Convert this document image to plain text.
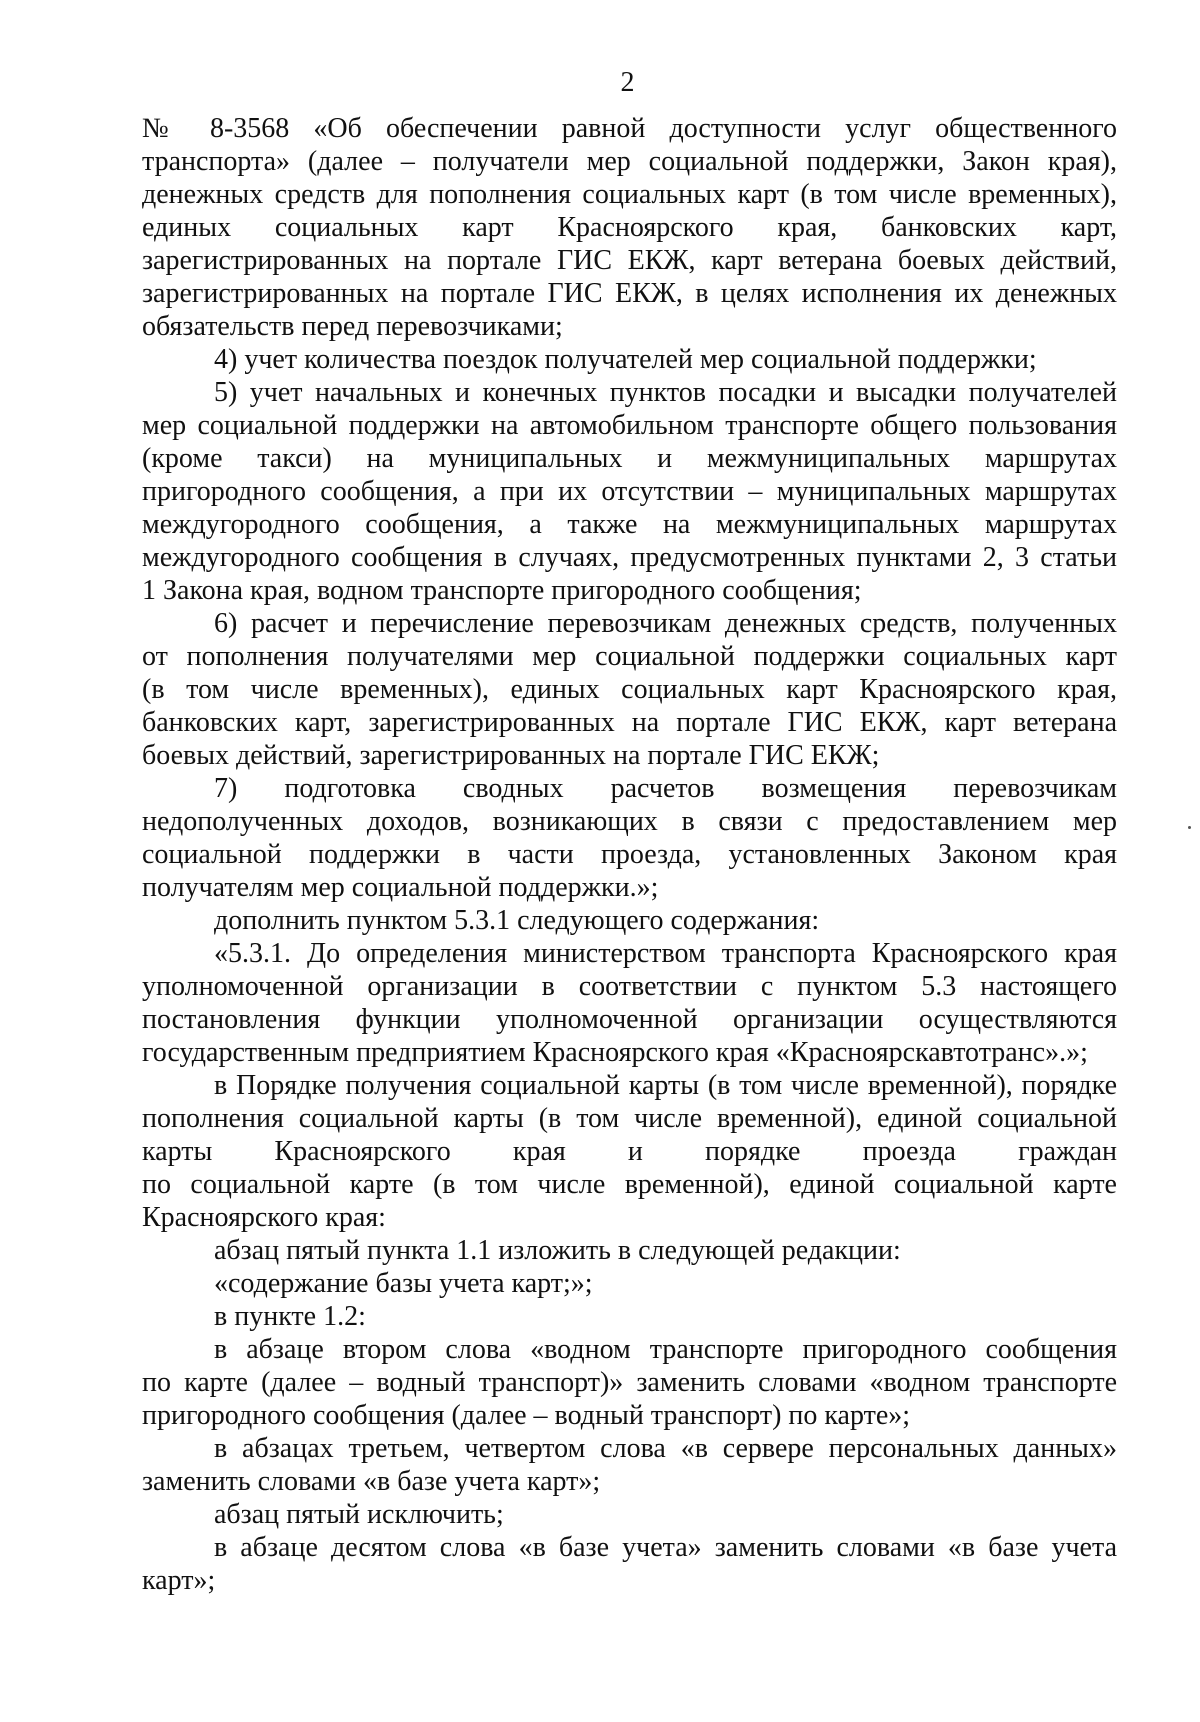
2
№ 8-3568 «Об обеспечении равной доступности услуг общественного
транспорта» (далее – получатели мер социальной поддержки, Закон края),
денежных средств для пополнения социальных карт (в том числе временных),
единых социальных карт Красноярского края, банковских карт,
зарегистрированных на портале ГИС ЕКЖ, карт ветерана боевых действий,
зарегистрированных на портале ГИС ЕКЖ, в целях исполнения их денежных
обязательств перед перевозчиками;
4) учет количества поездок получателей мер социальной поддержки;
5) учет начальных и конечных пунктов посадки и высадки получателей
мер социальной поддержки на автомобильном транспорте общего пользования
(кроме такси) на муниципальных и межмуниципальных маршрутах
пригородного сообщения, а при их отсутствии – муниципальных маршрутах
междугородного сообщения, а также на межмуниципальных маршрутах
междугородного сообщения в случаях, предусмотренных пунктами 2, 3 статьи
1 Закона края, водном транспорте пригородного сообщения;
6) расчет и перечисление перевозчикам денежных средств, полученных
от пополнения получателями мер социальной поддержки социальных карт
(в том числе временных), единых социальных карт Красноярского края,
банковских карт, зарегистрированных на портале ГИС ЕКЖ, карт ветерана
боевых действий, зарегистрированных на портале ГИС ЕКЖ;
7) подготовка сводных расчетов возмещения перевозчикам
недополученных доходов, возникающих в связи с предоставлением мер
социальной поддержки в части проезда, установленных Законом края
получателям мер социальной поддержки.»;
дополнить пунктом 5.3.1 следующего содержания:
«5.3.1. До определения министерством транспорта Красноярского края
уполномоченной организации в соответствии с пунктом 5.3 настоящего
постановления функции уполномоченной организации осуществляются
государственным предприятием Красноярского края «Красноярскавтотранс».»;
в Порядке получения социальной карты (в том числе временной), порядке
пополнения социальной карты (в том числе временной), единой социальной
карты Красноярского края и порядке проезда граждан
по социальной карте (в том числе временной), единой социальной карте
Красноярского края:
абзац пятый пункта 1.1 изложить в следующей редакции:
«содержание базы учета карт;»;
в пункте 1.2:
в абзаце втором слова «водном транспорте пригородного сообщения
по карте (далее – водный транспорт)» заменить словами «водном транспорте
пригородного сообщения (далее – водный транспорт) по карте»;
в абзацах третьем, четвертом слова «в сервере персональных данных»
заменить словами «в базе учета карт»;
абзац пятый исключить;
в абзаце десятом слова «в базе учета» заменить словами «в базе учета
карт»;
